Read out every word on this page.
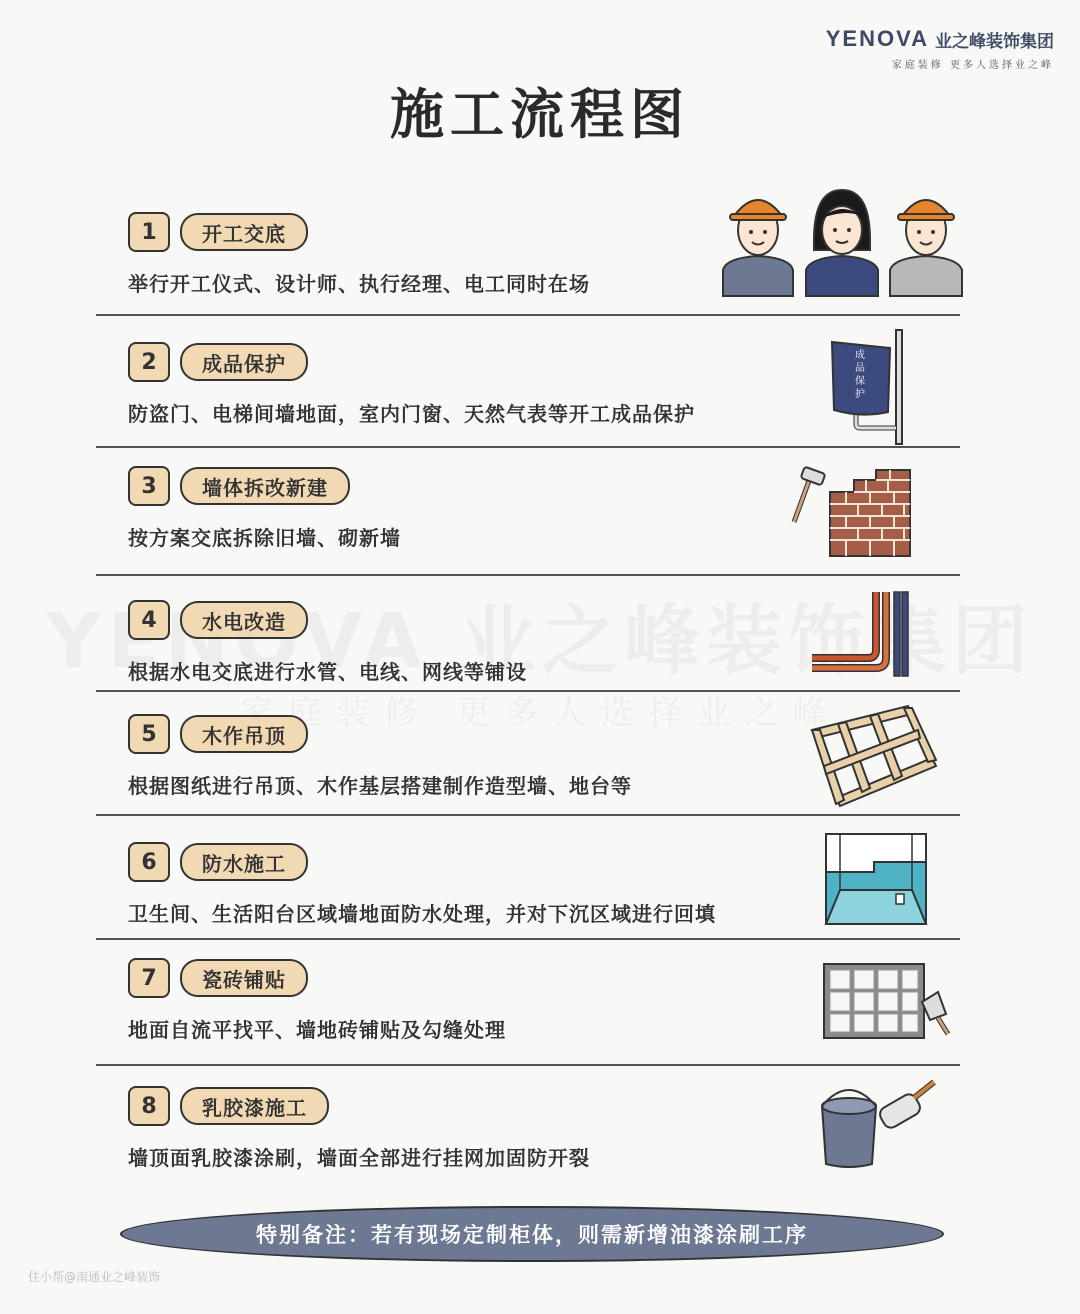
YENOVA 业之峰装饰集团
家庭装修 更多人选择业之峰
施工流程图
1	开工交底
举行开工仪式、设计师、执行经理、电工同时在场
2	成品保护
防盗门、电梯间墙地面，室内门窗、天然气表等开工成品保护
3	墙体拆改新建
按方案交底拆除旧墙、砌新墙
4	水电改造
根据水电交底进行水管、电线、网线等铺设
5	木作吊顶
根据图纸进行吊顶、木作基层搭建制作造型墙、地台等
6	防水施工
卫生间、生活阳台区域墙地面防水处理，并对下沉区域进行回填
7	瓷砖铺贴
地面自流平找平、墙地砖铺贴及勾缝处理
8	乳胶漆施工
墙顶面乳胶漆涂刷，墙面全部进行挂网加固防开裂
成
品
保
护
特别备注：若有现场定制柜体，则需新增油漆涂刷工序
住小帮@南通业之峰装饰
